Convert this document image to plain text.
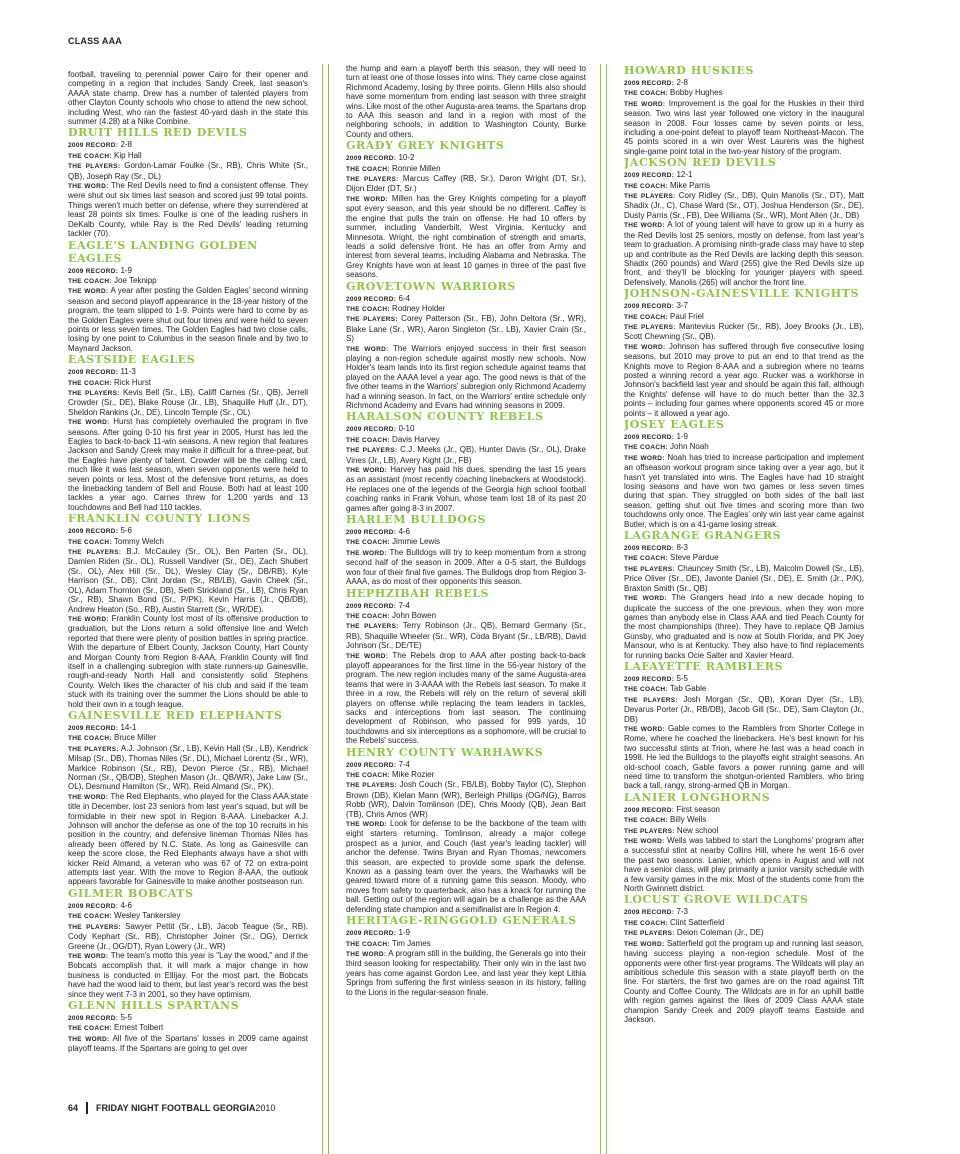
CLASS AAA

football, traveling to perennial power Cairo for their opener and competing in a region that includes Sandy Creek, last season's AAAA state champ. Drew has a number of talented players from other Clayton County schools who chose to attend the new school, including West, who ran the fastest 40-yard dash in the state this summer (4.28) at a Nike Combine.

DRUIT HILLS RED DEVILS

2009 RECORD: 2-8

THE COACH: Kip Hall

THE PLAYERS: Gordon-Lamar Foulke (Sr., RB), Chris White (Sr., QB), Joseph Ray (Sr., DL)

THE WORD: The Red Devils need to find a consistent offense. They were shut out six times last season and scored just 99 total points. Things weren't much better on defense, where they surrendered at least 28 points six times. Foulke is one of the leading rushers in DeKalb County, while Ray is the Red Devils' leading returning tackler (70).

EAGLE'S LANDING GOLDEN EAGLES

2009 RECORD: 1-9

THE COACH: Joe Teknipp

THE WORD: A year after posting the Golden Eagles' second winning season and second playoff appearance in the 18-year history of the program, the team slipped to 1-9. Points were hard to come by as the Golden Eagles were shut out four times and were held to seven points or less seven times. The Golden Eagles had two close calls, losing by one point to Columbus in the season finale and by two to Maynard Jackson.

EASTSIDE EAGLES

2009 RECORD: 11-3

THE COACH: Rick Hurst

THE PLAYERS: Kevis Bell (Sr., LB), Califf Carnes (Sr., QB), Jerrell Crowder (Sr., DE), Blake Rouse (Jr., LB), Shaquille Huff (Jr., DT), Sheldon Rankins (Jr., DE), Lincoln Temple (Sr., OL)

THE WORD: Hurst has completely overhauled the program in five seasons. After going 0-10 his first year in 2005, Hurst has led the Eagles to back-to-back 11-win seasons. A new region that features Jackson and Sandy Creek may make it difficult for a three-peat, but the Eagles have plenty of talent. Crowder will be the calling card, much like it was last season, when seven opponents were held to seven points or less. Most of the defensive front returns, as does the linebacking tandem of Bell and Rouse. Both had at least 100 tackles a year ago. Carnes threw for 1,200 yards and 13 touchdowns and Bell had 110 tackles.

FRANKLIN COUNTY LIONS

2009 RECORD: 5-6

THE COACH: Tommy Welch

THE PLAYERS: B.J. McCauley (Sr., OL), Ben Parten (Sr., OL), Damien Riden (Sr., OL), Russell Vandiver (Sr., DE), Zach Shubert (Sr., OL), Alex Hill (Sr., DL), Wesley Clay (Sr., DB/RB), Kyle Harrison (Sr., DB), Clint Jordan (Sr., RB/LB), Gavin Cheek (Sr., OL), Adam Thornton (Sr., DB), Seth Strickland (Sr., LB), Chris Ryan (Sr., RB), Shawn Bond (Sr., P/PK), Kevin Harris (Jr., QB/DB), Andrew Heaton (So., RB), Austin Starrett (Sr., WR/DE).

THE WORD: Franklin County lost most of its offensive production to graduation, but the Lions return a solid offensive line and Welch reported that there were plenty of position battles in spring practice. With the departure of Elbert County, Jackson County, Hart County and Morgan County from Region 8-AAA, Franklin County will find itself in a challenging subregion with state runners-up Gainesville, rough-and-ready North Hall and consistently solid Stephens County. Welch likes the character of his club and said if the team stuck with its training over the summer the Lions should be able to hold their own in a tough league.

GAINESVILLE RED ELEPHANTS

2009 RECORD: 14-1

THE COACH: Bruce Miller

THE PLAYERS: A.J. Johnson (Sr., LB), Kevin Hall (Sr., LB), Kendrick Milsap (Sr., DB), Thomas Niles (Sr., DL), Michael Lorentz (Sr., WR), Markice Robinson (Sr., RB), Devon Pierce (Sr., RB), Michael Norman (Sr., QB/DB), Stephen Mason (Jr., QB/WR), Jake Law (Sr., OL), Desmund Hamilton (Sr., WR), Reid Almand (Sr., PK).

THE WORD: The Red Elephants, who played for the Class AAA state title in December, lost 23 seniors from last year's squad, but will be formidable in their new spot in Region 8-AAA. Linebacker A.J. Johnson will anchor the defense as one of the top 10 recruits in his position in the country, and defensive lineman Thomas Niles has already been offered by N.C. State. As long as Gainesville can keep the score close, the Red Elephants always have a shot with kicker Reid Almand, a veteran who was 67 of 72 on extra-point attempts last year. With the move to Region 8-AAA, the outlook appears favorable for Gainesville to make another postseason run.

GILMER BOBCATS

2009 RECORD: 4-6

THE COACH: Wesley Tankersley

THE PLAYERS: Sawyer Pettit (Sr., LB), Jacob Teague (Sr., RB), Cody Kephart (Sr., RB), Christopher Joiner (Sr., OG), Derrick Greene (Jr., OG/DT), Ryan Lowery (Jr., WR)

THE WORD: The team's motto this year is "Lay the wood," and if the Bobcats accomplish that, it will mark a major change in how business is conducted in Ellijay. For the most part, the Bobcats have had the wood laid to them, but last year's record was the best since they went 7-3 in 2001, so they have optimism.

GLENN HILLS SPARTANS

2009 RECORD: 5-5

THE COACH: Ernest Tolbert

THE WORD: All five of the Spartans' losses in 2009 came against playoff teams. If the Spartans are going to get over

the hump and earn a playoff berth this season, they will need to turn at least one of those losses into wins. They came close against Richmond Academy, losing by three points. Glenn Hills also should have some momentum from ending last season with three straight wins. Like most of the other Augusta-area teams, the Spartans drop to AAA this season and land in a region with most of the neighboring schools, in addition to Washington County, Burke County and others.

GRADY GREY KNIGHTS

2009 RECORD: 10-2

THE COACH: Ronnie Millen

THE PLAYERS: Marcus Caffey (RB, Sr.), Daron Wright (DT, Sr.), Dijon Elder (DT, Sr.)

THE WORD: Millen has the Grey Knights competing for a playoff spot every season, and this year should be no different. Caffey is the engine that pulls the train on offense. He had 10 offers by summer, including Vanderbilt, West Virginia, Kentucky and Minnesota. Wright, the right combination of strength and smarts, leads a solid defensive front. He has an offer from Army and interest from several teams, including Alabama and Nebraska. The Grey Knights have won at least 10 games in three of the past five seasons.

GROVETOWN WARRIORS

2009 RECORD: 6-4

THE COACH: Rodney Holder

THE PLAYERS: Corey Patterson (Sr., FB), John Deltora (Sr., WR), Blake Lane (Sr., WR), Aaron Singleton (Sr., LB), Xavier Crain (Sr., S)

THE WORD: The Warriors enjoyed success in their first season playing a non-region schedule against mostly new schools. Now Holder's team lands into its first region schedule against teams that played on the AAAA level a year ago. The good news is that of the five other teams in the Warriors' subregion only Richmond Academy had a winning season. In fact, on the Warriors' entire schedule only Richmond Academy and Evans had winning seasons in 2009.

HARALSON COUNTY REBELS

2009 RECORD: 0-10

THE COACH: Davis Harvey

THE PLAYERS: C.J. Meeks (Jr., QB), Hunter Davis (Sr., OL), Drake Vines (Jr., LB), Avery Kight (Jr., FB)

THE WORD: Harvey has paid his dues, spending the last 15 years as an assistant (most recently coaching linebackers at Woodstock). He replaces one of the legends of the Georgia high school football coaching ranks in Frank Vohun, whose team lost 18 of its past 20 games after going 8-3 in 2007.

HARLEM BULLDOGS

2009 RECORD: 4-6

THE COACH: Jimmie Lewis

THE WORD: The Bulldogs will try to keep momentum from a strong second half of the season in 2009. After a 0-5 start, the Bulldogs won four of their final five games. The Bulldogs drop from Region 3-AAAA, as do most of their opponents this season.

HEPHZIBAH REBELS

2009 RECORD: 7-4

THE COACH: John Bowen

THE PLAYERS: Terry Robinson (Jr., QB), Bernard Germany (Sr., RB), Shaquille Wheeler (Sr., WR), Coda Bryant (Sr., LB/RB), David Johnson (Sr., DE/TE)

THE WORD: The Rebels drop to AAA after posting back-to-back playoff appearances for the first time in the 56-year history of the program. The new region includes many of the same Augusta-area teams that were in 3-AAAA with the Rebels last season. To make it three in a row, the Rebels will rely on the return of several skill players on offense while replacing the team leaders in tackles, sacks and interceptions from last season. The continuing development of Robinson, who passed for 999 yards, 10 touchdowns and six interceptions as a sophomore, will be crucial to the Rebels' success.

HENRY COUNTY WARHAWKS

2009 RECORD: 7-4

THE COACH: Mike Rozier

THE PLAYERS: Josh Couch (Sr., FB/LB), Bobby Taylor (C), Stephon Brown (DB), Kielan Mann (WR), Berleigh Phillips (OG/NG), Barros Robb (WR), Dalvin Tomlinson (DE), Chris Moody (QB), Jean Bart (TB), Chris Amos (WR)

THE WORD: Look for defense to be the backbone of the team with eight starters returning. Tomlinson, already a major college prospect as a junior, and Couch (last year's leading tackler) will anchor the defense. Twins Bryan and Ryan Thomas, newcomers this season, are expected to provide some spark the defense. Known as a passing team over the years, the Warhawks will be geared toward more of a running game this season. Moody, who moves from safety to quarterback, also has a knack for running the ball. Getting out of the region will again be a challenge as the AAA defending state champion and a semifinalist are in Region 4.

HERITAGE-RINGGOLD GENERALS

2009 RECORD: 1-9

THE COACH: Tim James

THE WORD: A program still in the building, the Generals go into their third season looking for respectability. Their only win in the last two years has come against Gordon Lee, and last year they kept Lithia Springs from suffering the first winless season in its history, falling to the Lions in the regular-season finale.

HOWARD HUSKIES

2009 RECORD: 2-8

THE COACH: Bobby Hughes

THE WORD: Improvement is the goal for the Huskies in their third season. Two wins last year followed one victory in the inaugural season in 2008. Four losses came by seven points or less, including a one-point defeat to playoff team Northeast-Macon. The 45 points scored in a win over West Laurens was the highest single-game point total in the two-year history of the program.

JACKSON RED DEVILS

2009 RECORD: 12-1

THE COACH: Mike Parris

THE PLAYERS: Cory Ridley (Sr., DB), Quin Manolis (Sr., DT), Matt Shadix (Jr., C), Chase Ward (Sr., OT), Joshua Henderson (Sr., DE), Dusty Parris (Sr., FB), Dee Williams (Sr., WR), Mont Allen (Jr., DB)

THE WORD: A lot of young talent will have to grow up in a hurry as the Red Devils lost 25 seniors, mostly on defense, from last year's team to graduation. A promising ninth-grade class may have to step up and contribute as the Red Devils are lacking depth this season. Shadix (260 pounds) and Ward (255) give the Red Devils size up front, and they'll be blocking for younger players with speed. Defensively, Manolis (265) will anchor the front line.

JOHNSON-GAINESVILLE KNIGHTS

2009 RECORD: 3-7

THE COACH: Paul Friel

THE PLAYERS: Mantevius Rucker (Sr., RB), Joey Brooks (Jr., LB), Scott Chewning (Sr., QB).

THE WORD: Johnson has suffered through five consecutive losing seasons, but 2010 may prove to put an end to that trend as the Knights move to Region 8-AAA and a subregion where no teams posted a winning record a year ago. Rucker was a workhorse in Johnson's backfield last year and should be again this fall, although the Knights' defense will have to do much better than the 32.3 points – including four games where opponents scored 45 or more points – it allowed a year ago.

JOSEY EAGLES

2009 RECORD: 1-9

THE COACH: John Noah

THE WORD: Noah has tried to increase participation and implement an offseason workout program since taking over a year ago, but it hasn't yet translated into wins. The Eagles have had 10 straight losing seasons and have won two games or less seven times during that span. They struggled on both sides of the ball last season, getting shut out five times and scoring more than two touchdowns only once. The Eagles' only win last year came against Butler, which is on a 41-game losing streak.

LAGRANGE GRANGERS

2009 RECORD: 8-3

THE COACH: Steve Pardue

THE PLAYERS: Chauncey Smith (Sr., LB), Malcolm Dowell (Sr., LB), Price Oliver (Sr., DE), Javonte Daniel (Sr., DE), E. Smith (Jr., P/K), Braxton Smith (Sr., QB)

THE WORD: The Grangers head into a new decade hoping to duplicate the success of the one previous, when they won more games than anybody else in Class AAA and tied Peach County for the most championships (three). They have to replace QB Jamius Gunsby, who graduated and is now at South Florida, and PK Joey Mansour, who is at Kentucky. They also have to find replacements for running backs Ocie Salter and Xavier Heard.

LAFAYETTE RAMBLERS

2009 RECORD: 5-5

THE COACH: Tab Gable

THE PLAYERS: Josh Morgan (Sr., QB), Koran Dyer (Sr., LB), Devarus Porter (Jr., RB/DB), Jacob Gill (Sr., DE), Sam Clayton (Jr., DB)

THE WORD: Gable comes to the Ramblers from Shorter College in Rome, where he coached the linebackers. He's best known for his two successful stints at Trion, where he last was a head coach in 1998. He led the Bulldogs to the playoffs eight straight seasons. An old-school coach, Gable favors a power running game and will need time to transform the shotgun-oriented Ramblers, who bring back a tall, rangy, strong-armed QB in Morgan.

LANIER LONGHORNS

2009 RECORD: First season

THE COACH: Billy Wells

THE PLAYERS: New school

THE WORD: Wells was tabbed to start the Longhorns' program after a successful stint at nearby Collins Hill, where he went 16-6 over the past two seasons. Lanier, which opens in August and will not have a senior class, will play primarily a junior varsity schedule with a few varsity games in the mix. Most of the students come from the North Gwinnett district.

LOCUST GROVE WILDCATS

2009 RECORD: 7-3

THE COACH: Clint Satterfield

THE PLAYERS: Deion Coleman (Jr., DE)

THE WORD: Satterfield got the program up and running last season, having success playing a non-region schedule. Most of the opponents were other first-year programs. The Wildcats will play an ambitious schedule this season with a state playoff berth on the line. For starters, the first two games are on the road against Tift County and Coffee County. The Wildcats are in for an uphill battle with region games against the likes of 2009 Class AAAA state champion Sandy Creek and 2009 playoff teams Eastside and Jackson.

64 FRIDAY NIGHT FOOTBALL GEORGIA 2010
